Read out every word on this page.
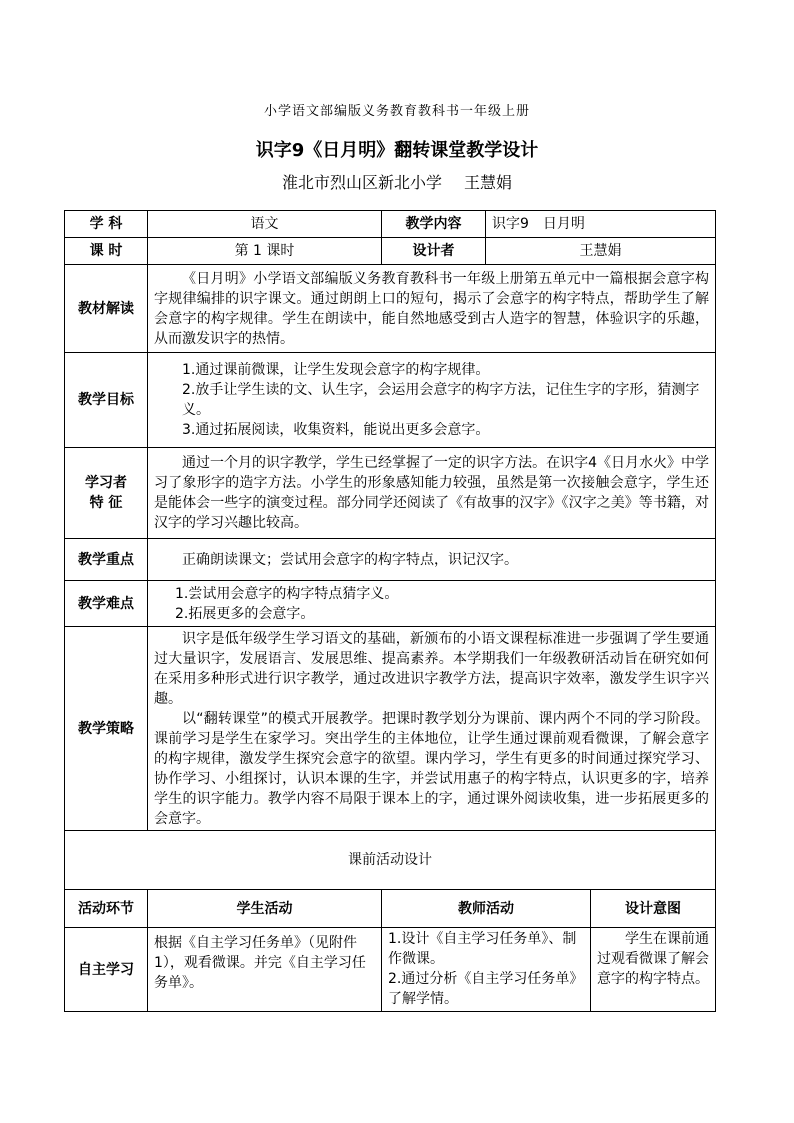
小学语文部编版义务教育教科书一年级上册
识字9《日月明》翻转课堂教学设计
淮北市烈山区新北小学 王慧娟
学 科	语文	教学内容	识字9　日月明	
课 时	第 1 课时	设计者	王慧娟	
教材解读	《日月明》小学语文部编版义务教育教科书一年级上册第五单元中一篇根据会意字构字规律编排的识字课文。通过朗朗上口的短句，揭示了会意字的构字特点，帮助学生了解会意字的构字规律。学生在朗读中，能自然地感受到古人造字的智慧，体验识字的乐趣，从而激发识字的热情。			

教学目标	1.通过课前微课，让学生发现会意字的构字规律。

2.放手让学生读的文、认生字，会运用会意字的构字方法，记住生字的字形，猜测字义。

3.通过拓展阅读，收集资料，能说出更多会意字。			

学习者
特 征	通过一个月的识字教学，学生已经掌握了一定的识字方法。在识字4《日月水火》中学习了象形字的造字方法。小学生的形象感知能力较强，虽然是第一次接触会意字，学生还是能体会一些字的演变过程。部分同学还阅读了《有故事的汉字》《汉字之美》等书籍，对汉字的学习兴趣比较高。			

教学重点	正确朗读课文；尝试用会意字的构字特点，识记汉字。			

教学难点	1.尝试用会意字的构字特点猜字义。

2.拓展更多的会意字。			

教学策略	识字是低年级学生学习语文的基础，新颁布的小语文课程标准进一步强调了学生要通过大量识字，发展语言、发展思维、提高素养。本学期我们一年级教研活动旨在研究如何在采用多种形式进行识字教学，通过改进识字教学方法，提高识字效率，激发学生识字兴趣。

以“翻转课堂”的模式开展教学。把课时教学划分为课前、课内两个不同的学习阶段。课前学习是学生在家学习。突出学生的主体地位，让学生通过课前观看微课，了解会意字的构字规律，激发学生探究会意字的欲望。课内学习，学生有更多的时间通过探究学习、协作学习、小组探讨，认识本课的生字，并尝试用惠子的构字特点，认识更多的字，培养学生的识字能力。教学内容不局限于课本上的字，通过课外阅读收集，进一步拓展更多的会意字。			

课前活动设计				
活动环节	学生活动	教师活动		设计意图
自主学习	根据《自主学习任务单》（见附件1），观看微课。并完《自主学习任务单》。	1.设计《自主学习任务单》、制作微课。

2.通过分析《自主学习任务单》了解学情。		学生在课前通过观看微课了解会意字的构字特点。
